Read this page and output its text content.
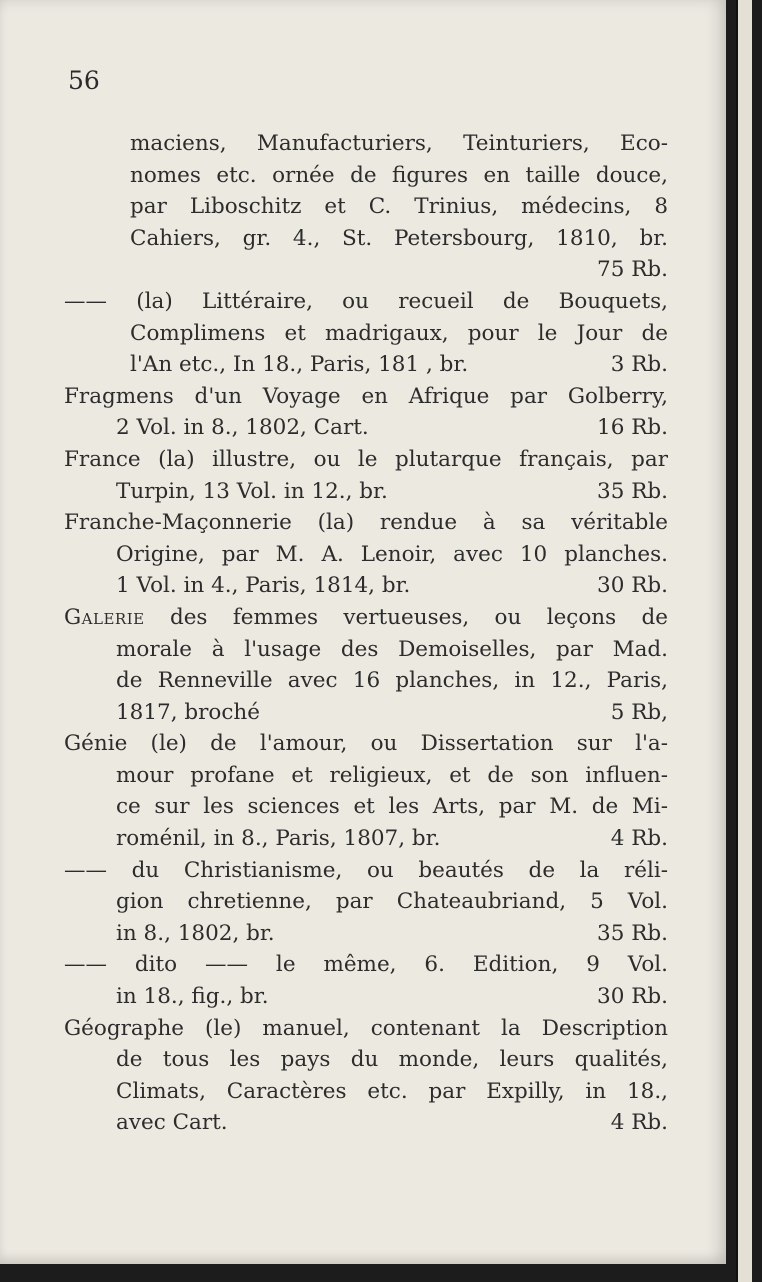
56
maciens, Manufacturiers, Teinturiers, Eco-
nomes etc. ornée de figures en taille douce,
par Liboschitz et C. Trinius, médecins, 8
Cahiers, gr. 4., St. Petersbourg, 1810, br.
75 Rb.
—— (la) Littéraire, ou recueil de Bouquets,
Complimens et madrigaux, pour le Jour de
l'An etc., In 18., Paris, 181 , br.	3 Rb.
Fragmens d'un Voyage en Afrique par Golberry,
2 Vol. in 8., 1802, Cart.	16 Rb.
France (la) illustre, ou le plutarque français, par
Turpin, 13 Vol. in 12., br.	35 Rb.
Franche-Maçonnerie (la) rendue à sa véritable
Origine, par M. A. Lenoir, avec 10 planches.
1 Vol. in 4., Paris, 1814, br.	30 Rb.
Galerie des femmes vertueuses, ou leçons de
morale à l'usage des Demoiselles, par Mad.
de Renneville avec 16 planches, in 12., Paris,
1817, broché	5 Rb,
Génie (le) de l'amour, ou Dissertation sur l'a-
mour profane et religieux, et de son influen-
ce sur les sciences et les Arts, par M. de Mi-
roménil, in 8., Paris, 1807, br.	4 Rb.
—— du Christianisme, ou beautés de la réli-
gion chretienne, par Chateaubriand, 5 Vol.
in 8., 1802, br.	35 Rb.
—— dito —— le même, 6. Edition, 9 Vol.
in 18., fig., br.	30 Rb.
Géographe (le) manuel, contenant la Description
de tous les pays du monde, leurs qualités,
Climats, Caractères etc. par Expilly, in 18.,
avec Cart.	4 Rb.
